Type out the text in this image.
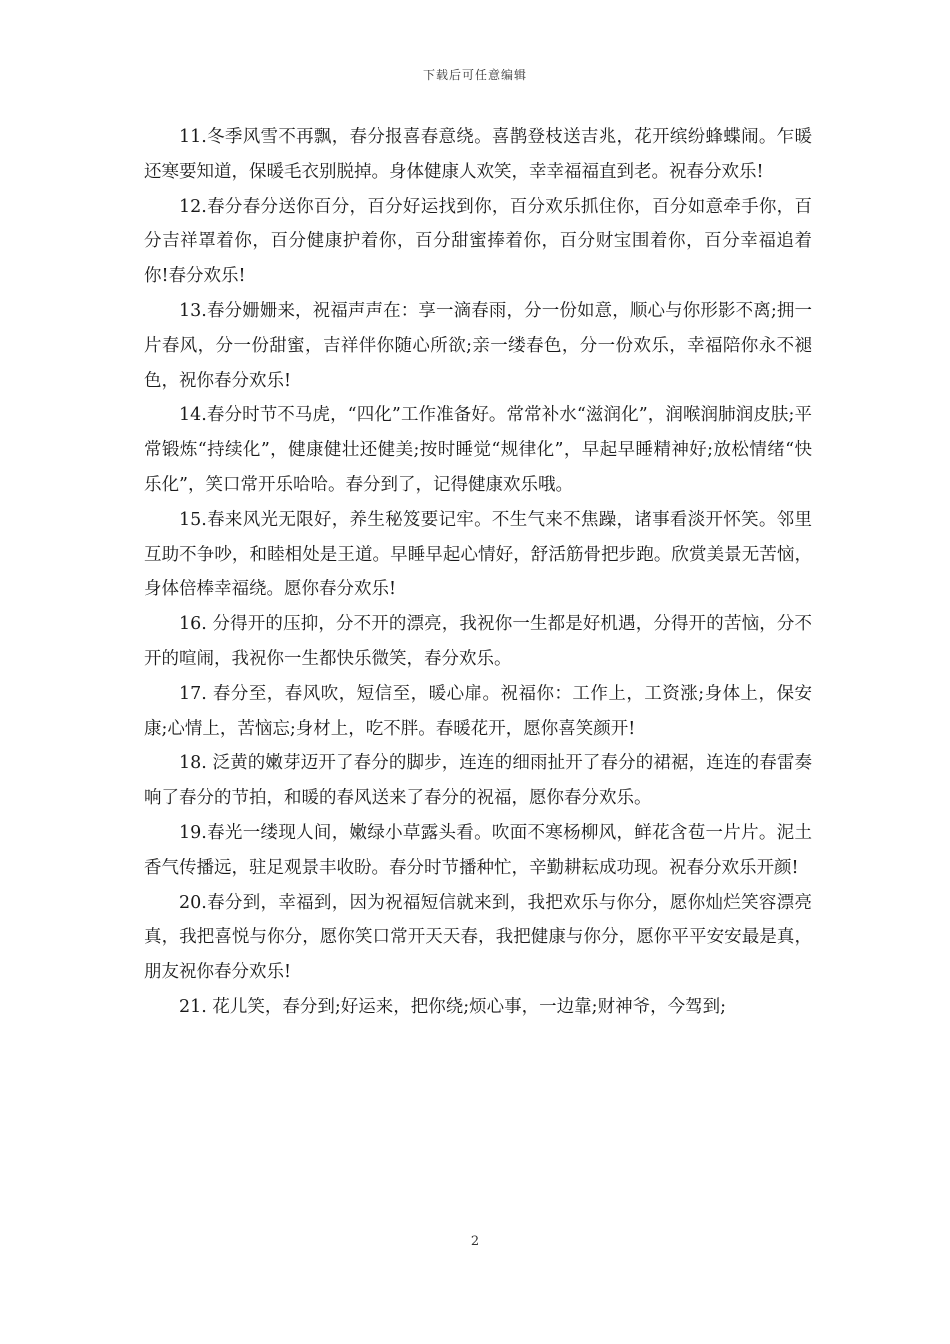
下载后可任意编辑

11.冬季风雪不再飘，春分报喜春意绕。喜鹊登枝送吉兆，花开缤纷蜂蝶闹。乍暖还寒要知道，保暖毛衣别脱掉。身体健康人欢笑，幸幸福福直到老。祝春分欢乐!

12.春分春分送你百分，百分好运找到你，百分欢乐抓住你，百分如意牵手你，百分吉祥罩着你，百分健康护着你，百分甜蜜捧着你，百分财宝围着你，百分幸福追着你!春分欢乐!

13.春分姗姗来，祝福声声在：享一滴春雨，分一份如意，顺心与你形影不离;拥一片春风，分一份甜蜜，吉祥伴你随心所欲;亲一缕春色，分一份欢乐，幸福陪你永不褪色，祝你春分欢乐!

14.春分时节不马虎，“四化”工作准备好。常常补水“滋润化”，润喉润肺润皮肤;平常锻炼“持续化”，健康健壮还健美;按时睡觉“规律化”，早起早睡精神好;放松情绪“快乐化”，笑口常开乐哈哈。春分到了，记得健康欢乐哦。

15.春来风光无限好，养生秘笈要记牢。不生气来不焦躁，诸事看淡开怀笑。邻里互助不争吵，和睦相处是王道。早睡早起心情好，舒活筋骨把步跑。欣赏美景无苦恼，身体倍棒幸福绕。愿你春分欢乐!

16. 分得开的压抑，分不开的漂亮，我祝你一生都是好机遇，分得开的苦恼，分不开的喧闹，我祝你一生都快乐微笑，春分欢乐。

17. 春分至，春风吹，短信至，暖心扉。祝福你：工作上，工资涨;身体上，保安康;心情上，苦恼忘;身材上，吃不胖。春暖花开，愿你喜笑颜开!

18. 泛黄的嫩芽迈开了春分的脚步，连连的细雨扯开了春分的裙裾，连连的春雷奏响了春分的节拍，和暖的春风送来了春分的祝福，愿你春分欢乐。

19.春光一缕现人间，嫩绿小草露头看。吹面不寒杨柳风，鲜花含苞一片片。泥土香气传播远，驻足观景丰收盼。春分时节播种忙，辛勤耕耘成功现。祝春分欢乐开颜!

20.春分到，幸福到，因为祝福短信就来到，我把欢乐与你分，愿你灿烂笑容漂亮真，我把喜悦与你分，愿你笑口常开天天春，我把健康与你分，愿你平平安安最是真，朋友祝你春分欢乐!

21. 花儿笑，春分到;好运来，把你绕;烦心事，一边靠;财神爷，今驾到;

2
